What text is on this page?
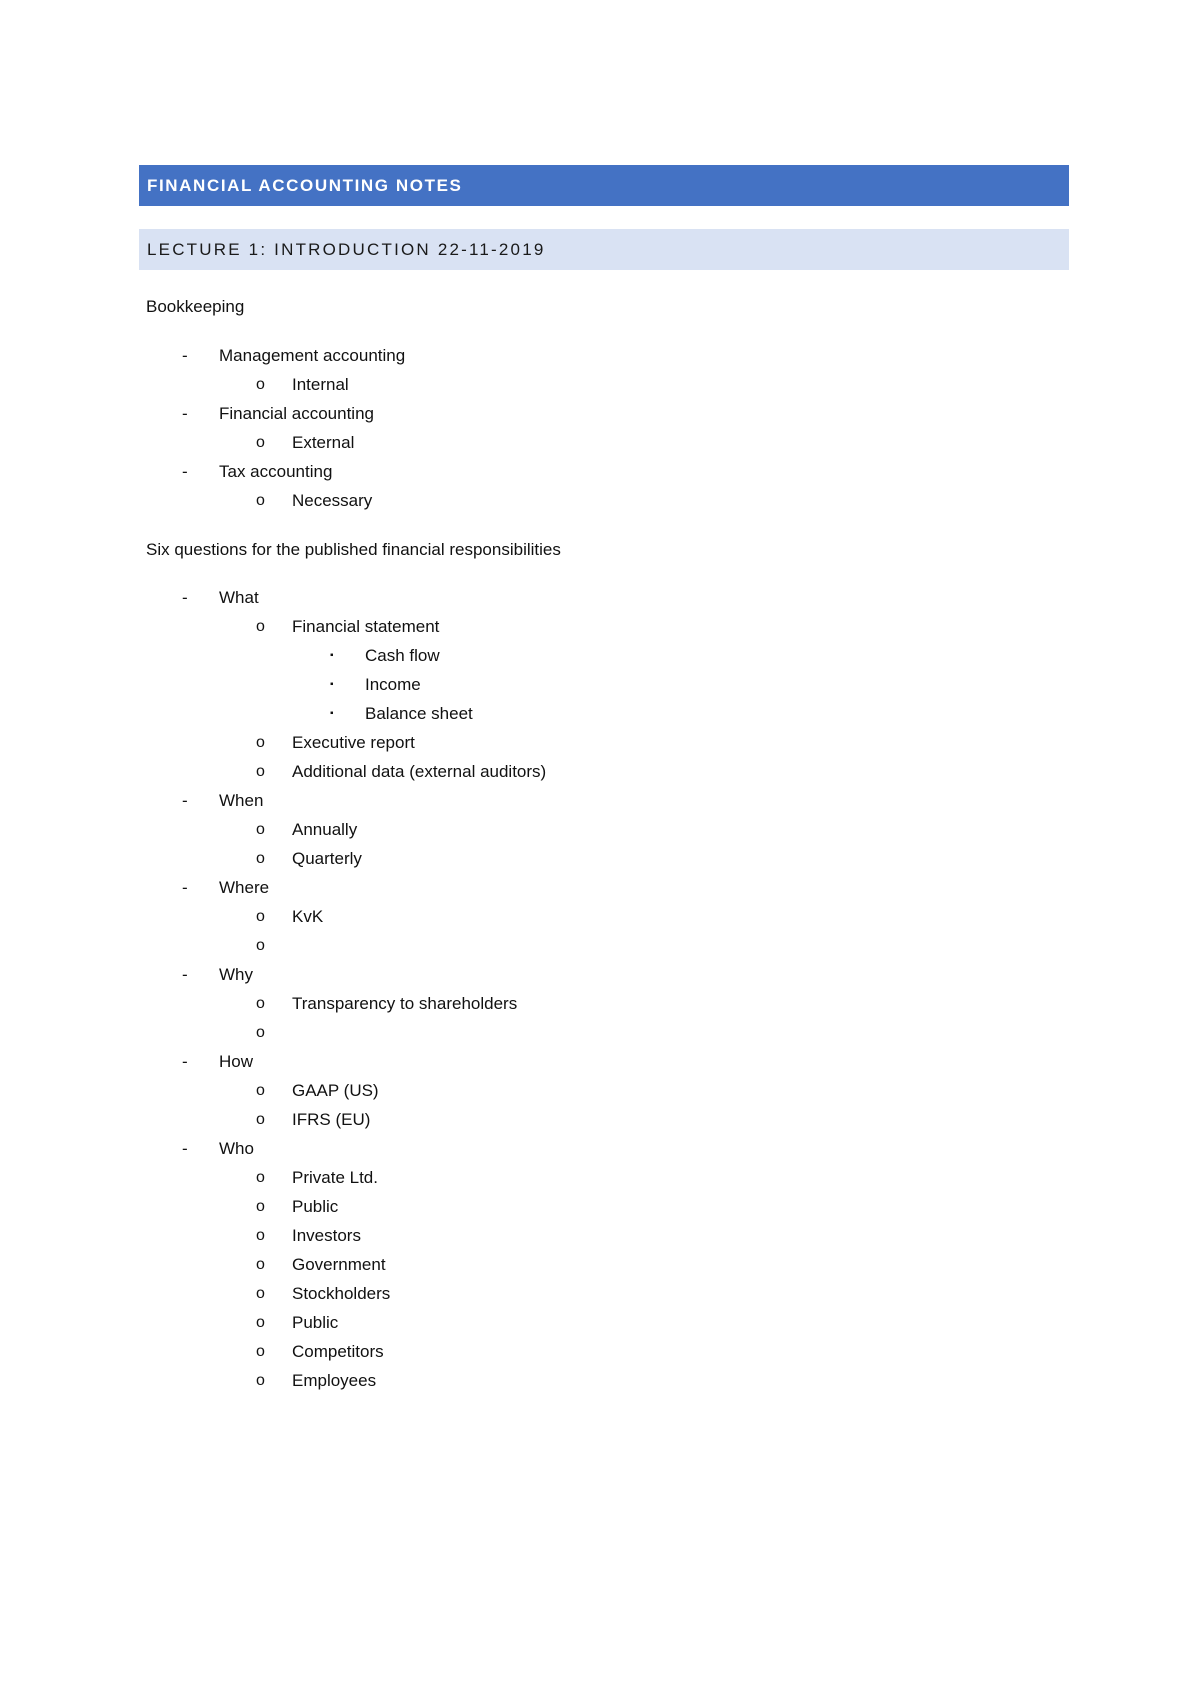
FINANCIAL ACCOUNTING NOTES
LECTURE 1: INTRODUCTION 22-11-2019
Bookkeeping
- Management accounting
o Internal
- Financial accounting
o External
- Tax accounting
o Necessary
Six questions for the published financial responsibilities
- What
o Financial statement
▪ Cash flow
▪ Income
▪ Balance sheet
o Executive report
o Additional data (external auditors)
- When
o Annually
o Quarterly
- Where
o KvK
o
- Why
o Transparency to shareholders
o
- How
o GAAP (US)
o IFRS (EU)
- Who
o Private Ltd.
o Public
o Investors
o Government
o Stockholders
o Public
o Competitors
o Employees
